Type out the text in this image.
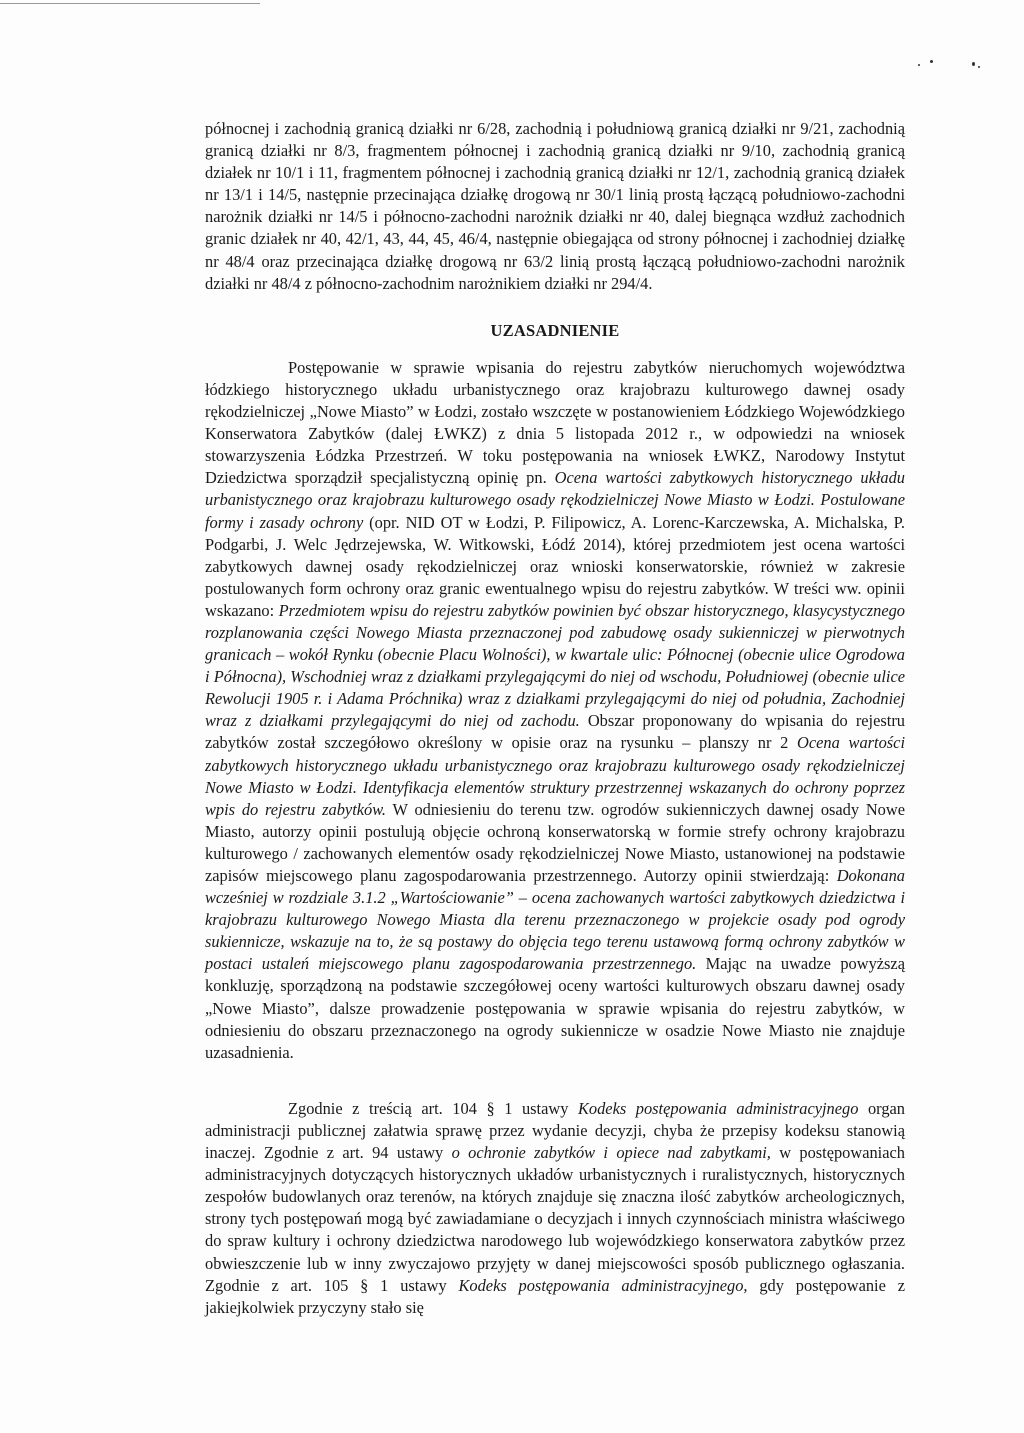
północnej i zachodnią granicą działki nr 6/28, zachodnią i południową granicą działki nr 9/21, zachodnią granicą działki nr 8/3, fragmentem północnej i zachodnią granicą działki nr 9/10, zachodnią granicą działek nr 10/1 i 11, fragmentem północnej i zachodnią granicą działki nr 12/1, zachodnią granicą działek nr 13/1 i 14/5, następnie przecinająca działkę drogową nr 30/1 linią prostą łączącą południowo-zachodni narożnik działki nr 14/5 i północno-zachodni narożnik działki nr 40, dalej biegnąca wzdłuż zachodnich granic działek nr 40, 42/1, 43, 44, 45, 46/4, następnie obiegająca od strony północnej i zachodniej działkę nr 48/4 oraz przecinająca działkę drogową nr 63/2 linią prostą łączącą południowo-zachodni narożnik działki nr 48/4 z północno-zachodnim narożnikiem działki nr 294/4.

UZASADNIENIE

Postępowanie w sprawie wpisania do rejestru zabytków nieruchomych województwa łódzkiego historycznego układu urbanistycznego oraz krajobrazu kulturowego dawnej osady rękodzielniczej „Nowe Miasto” w Łodzi, zostało wszczęte w postanowieniem Łódzkiego Wojewódzkiego Konserwatora Zabytków (dalej ŁWKZ) z dnia 5 listopada 2012 r., w odpowiedzi na wniosek stowarzyszenia Łódzka Przestrzeń. W toku postępowania na wniosek ŁWKZ, Narodowy Instytut Dziedzictwa sporządził specjalistyczną opinię pn. Ocena wartości zabytkowych historycznego układu urbanistycznego oraz krajobrazu kulturowego osady rękodzielniczej Nowe Miasto w Łodzi. Postulowane formy i zasady ochrony (opr. NID OT w Łodzi, P. Filipowicz, A. Lorenc-Karczewska, A. Michalska, P. Podgarbi, J. Welc Jędrzejewska, W. Witkowski, Łódź 2014), której przedmiotem jest ocena wartości zabytkowych dawnej osady rękodzielniczej oraz wnioski konserwatorskie, również w zakresie postulowanych form ochrony oraz granic ewentualnego wpisu do rejestru zabytków. W treści ww. opinii wskazano: Przedmiotem wpisu do rejestru zabytków powinien być obszar historycznego, klasycystycznego rozplanowania części Nowego Miasta przeznaczonej pod zabudowę osady sukienniczej w pierwotnych granicach – wokół Rynku (obecnie Placu Wolności), w kwartale ulic: Północnej (obecnie ulice Ogrodowa i Północna), Wschodniej wraz z działkami przylegającymi do niej od wschodu, Południowej (obecnie ulice Rewolucji 1905 r. i Adama Próchnika) wraz z działkami przylegającymi do niej od południa, Zachodniej wraz z działkami przylegającymi do niej od zachodu. Obszar proponowany do wpisania do rejestru zabytków został szczegółowo określony w opisie oraz na rysunku – planszy nr 2 Ocena wartości zabytkowych historycznego układu urbanistycznego oraz krajobrazu kulturowego osady rękodzielniczej Nowe Miasto w Łodzi. Identyfikacja elementów struktury przestrzennej wskazanych do ochrony poprzez wpis do rejestru zabytków. W odniesieniu do terenu tzw. ogrodów sukienniczych dawnej osady Nowe Miasto, autorzy opinii postulują objęcie ochroną konserwatorską w formie strefy ochrony krajobrazu kulturowego / zachowanych elementów osady rękodzielniczej Nowe Miasto, ustanowionej na podstawie zapisów miejscowego planu zagospodarowania przestrzennego. Autorzy opinii stwierdzają: Dokonana wcześniej w rozdziale 3.1.2 „Wartościowanie” – ocena zachowanych wartości zabytkowych dziedzictwa i krajobrazu kulturowego Nowego Miasta dla terenu przeznaczonego w projekcie osady pod ogrody sukiennicze, wskazuje na to, że są postawy do objęcia tego terenu ustawową formą ochrony zabytków w postaci ustaleń miejscowego planu zagospodarowania przestrzennego. Mając na uwadze powyższą konkluzję, sporządzoną na podstawie szczegółowej oceny wartości kulturowych obszaru dawnej osady „Nowe Miasto”, dalsze prowadzenie postępowania w sprawie wpisania do rejestru zabytków, w odniesieniu do obszaru przeznaczonego na ogrody sukiennicze w osadzie Nowe Miasto nie znajduje uzasadnienia.

Zgodnie z treścią art. 104 § 1 ustawy Kodeks postępowania administracyjnego organ administracji publicznej załatwia sprawę przez wydanie decyzji, chyba że przepisy kodeksu stanowią inaczej. Zgodnie z art. 94 ustawy o ochronie zabytków i opiece nad zabytkami, w postępowaniach administracyjnych dotyczących historycznych układów urbanistycznych i ruralistycznych, historycznych zespołów budowlanych oraz terenów, na których znajduje się znaczna ilość zabytków archeologicznych, strony tych postępowań mogą być zawiadamiane o decyzjach i innych czynnościach ministra właściwego do spraw kultury i ochrony dziedzictwa narodowego lub wojewódzkiego konserwatora zabytków przez obwieszczenie lub w inny zwyczajowo przyjęty w danej miejscowości sposób publicznego ogłaszania. Zgodnie z art. 105 § 1 ustawy Kodeks postępowania administracyjnego, gdy postępowanie z jakiejkolwiek przyczyny stało się
